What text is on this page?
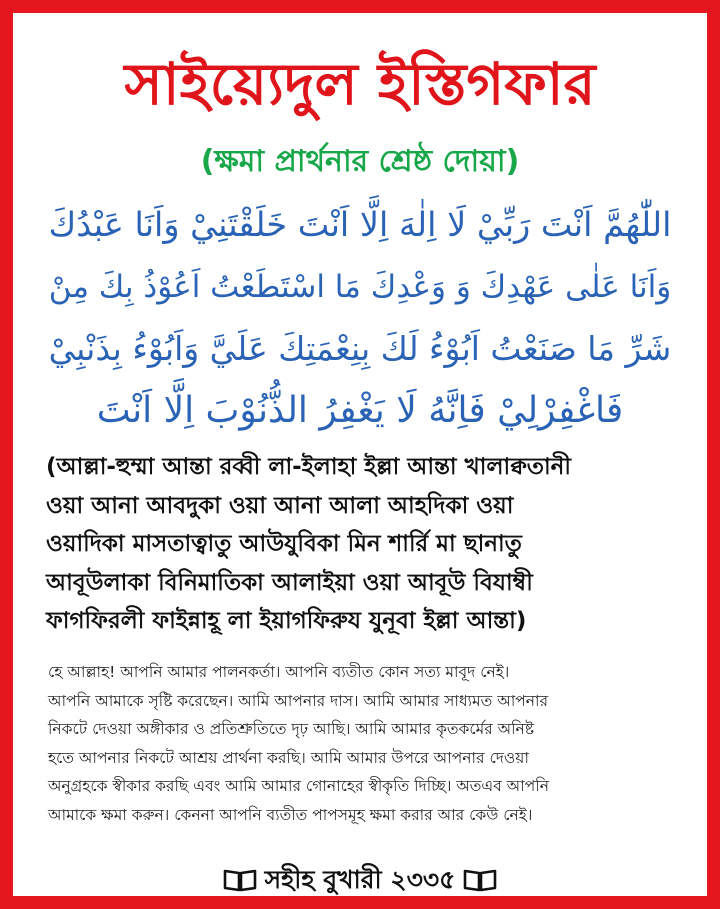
সাইয়্যেদুল ইস্তিগফার
(ক্ষমা প্রার্থনার শ্রেষ্ঠ দোয়া)
اللّٰهُمَّ اَنْتَ رَبِّيْ لَا اِلٰهَ اِلَّا اَنْتَ خَلَقْتَنِيْ وَاَنَا عَبْدُكَ
وَاَنَا عَلٰى عَهْدِكَ وَ وَعْدِكَ مَا اسْتَطَعْتُ اَعُوْذُ بِكَ مِنْ
شَرِّ مَا صَنَعْتُ اَبُوْءُ لَكَ بِنِعْمَتِكَ عَلَيَّ وَاَبُوْءُ بِذَنْبِيْ
فَاغْفِرْلِيْ فَاِنَّهُ لَا يَغْفِرُ الذُّنُوْبَ اِلَّا اَنْتَ
(আল্লা-হুম্মা আন্তা রব্বী লা-ইলাহা ইল্লা আন্তা খালাক্বতানী
ওয়া আনা আবদুকা ওয়া আনা আলা আহদিকা ওয়া
ওয়াদিকা মাসতাত্বাতু আউযুবিকা মিন শার্রি মা ছানাতু
আবূউলাকা বিনিমাতিকা আলাইয়া ওয়া আবূউ বিযাম্বী
ফাগফিরলী ফাইন্নাহূ লা ইয়াগফিরুয যুনূবা ইল্লা আন্তা)
হে আল্লাহ! আপনি আমার পালনকর্তা। আপনি ব্যতীত কোন সত্য মাবূদ নেই।
আপনি আমাকে সৃষ্টি করেছেন। আমি আপনার দাস। আমি আমার সাধ্যমত আপনার
নিকটে দেওয়া অঙ্গীকার ও প্রতিশ্রুতিতে দৃঢ় আছি। আমি আমার কৃতকর্মের অনিষ্ট
হতে আপনার নিকটে আশ্রয় প্রার্থনা করছি। আমি আমার উপরে আপনার দেওয়া
অনুগ্রহকে স্বীকার করছি এবং আমি আমার গোনাহের স্বীকৃতি দিচ্ছি। অতএব আপনি
আমাকে ক্ষমা করুন। কেননা আপনি ব্যতীত পাপসমূহ ক্ষমা করার আর কেউ নেই।
সহীহ বুখারী ২৩৩৫
